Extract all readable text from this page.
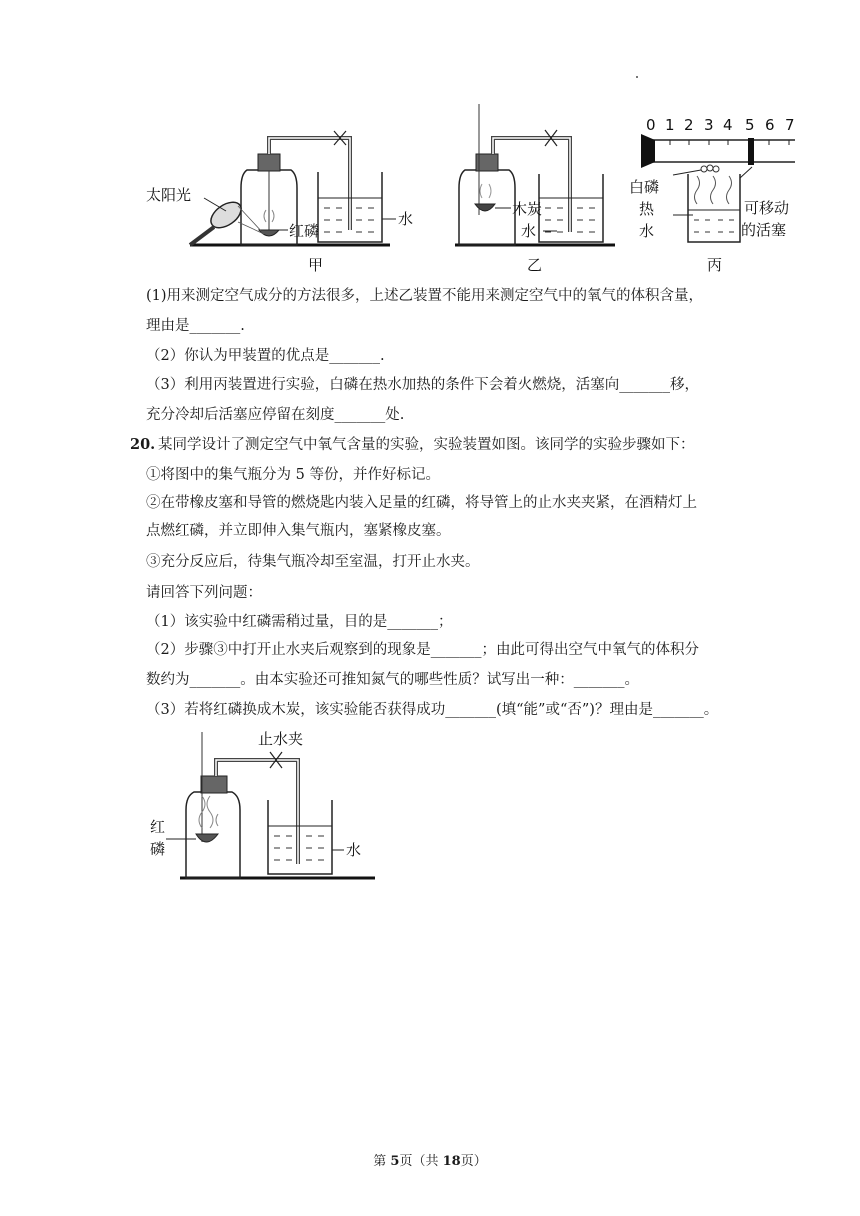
太阳光
红磷
水
甲
木炭
水
乙
0 1 2 3 4 5 6 7
白磷
热
水
可移动
的活塞
丙
(1)用来测定空气成分的方法很多，上述乙装置不能用来测定空气中的氧气的体积含量，
理由是_______.
（2）你认为甲装置的优点是_______.
（3）利用丙装置进行实验，白磷在热水加热的条件下会着火燃烧，活塞向_______移，
充分冷却后活塞应停留在刻度_______处.
20. 某同学设计了测定空气中氧气含量的实验，实验装置如图。该同学的实验步骤如下：
①将图中的集气瓶分为 5 等份，并作好标记。
②在带橡皮塞和导管的燃烧匙内装入足量的红磷，将导管上的止水夹夹紧，在酒精灯上
点燃红磷，并立即伸入集气瓶内，塞紧橡皮塞。
③充分反应后，待集气瓶冷却至室温，打开止水夹。
请回答下列问题：
（1）该实验中红磷需稍过量，目的是_______；
（2）步骤③中打开止水夹后观察到的现象是_______；由此可得出空气中氧气的体积分
数约为_______。由本实验还可推知氮气的哪些性质？试写出一种：_______。
（3）若将红磷换成木炭，该实验能否获得成功_______(填“能”或“否”)？理由是_______。
止水夹
红
磷	水
第 5页（共 18页）
